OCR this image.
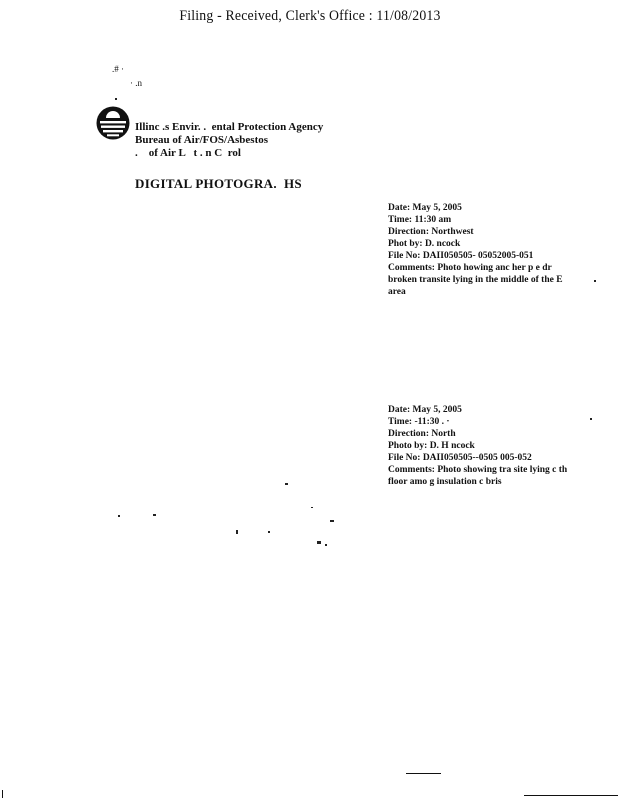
Filing - Received, Clerk's Office : 11/08/2013
.# ·
· .n
Illinc .s Envir. .  ental Protection Agency
Bureau of Air/FOS/Asbestos
.    of Air L   t . n C  rol
DIGITAL PHOTOGRA.  HS
Date: May 5, 2005
Time: 11:30 am
Direction: Northwest
Phot by: D. ncock
File No: DAII050505- 05052005-051
Comments: Photo howing anc her p e dr
broken transite lying in the middle of the E
area
Date: May 5, 2005
Time: -11:30 . ·
Direction: North
Photo by: D. H ncock
File No: DAII050505--0505 005-052
Comments: Photo showing tra site lying c th
floor amo g insulation c bris
